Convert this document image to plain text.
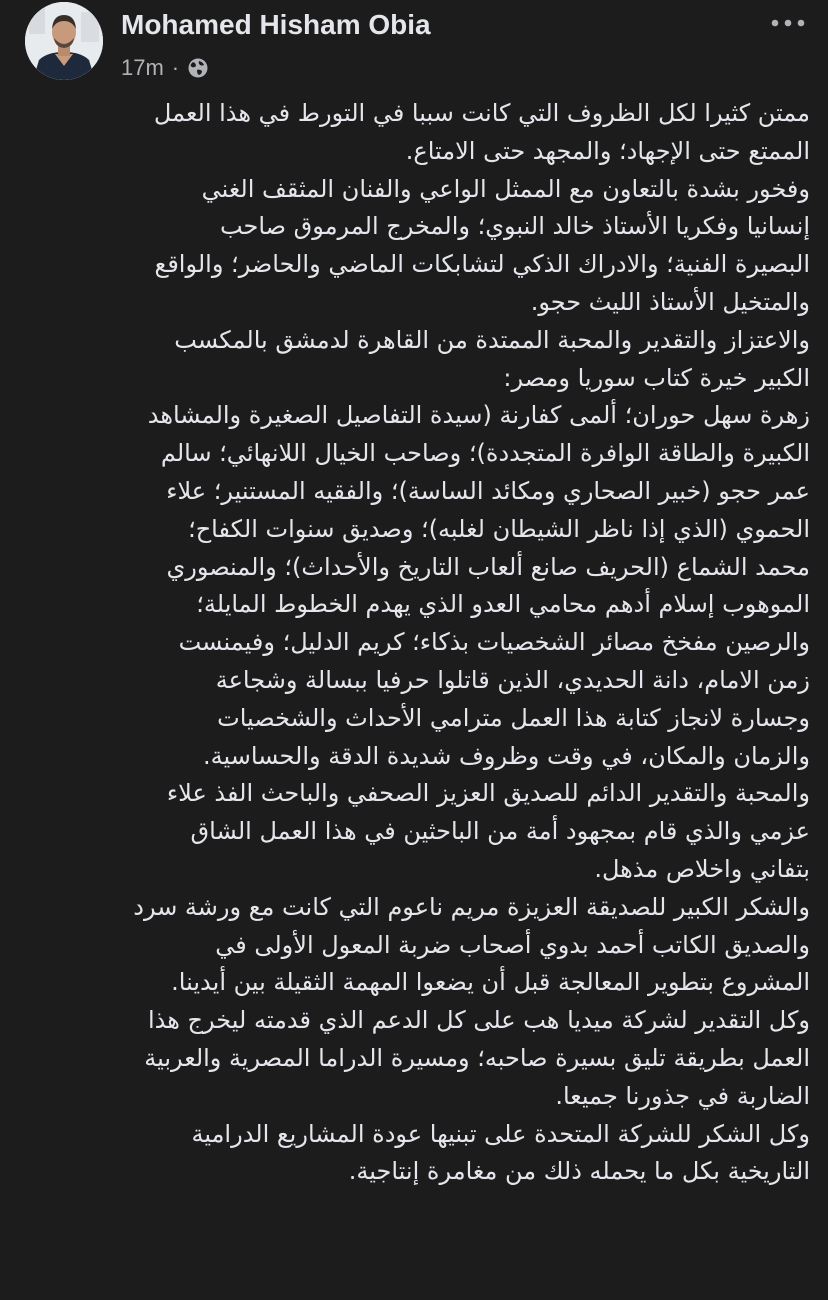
Mohamed Hisham Obia
17m ·
ممتن كثيرا لكل الظروف التي كانت سببا في التورط في هذا العمل
الممتع حتى الإجهاد؛ والمجهد حتى الامتاع.
وفخور بشدة بالتعاون مع الممثل الواعي والفنان المثقف الغني
إنسانيا وفكريا الأستاذ خالد النبوي؛ والمخرج المرموق صاحب
البصيرة الفنية؛ والادراك الذكي لتشابكات الماضي والحاضر؛ والواقع
والمتخيل الأستاذ الليث حجو.
والاعتزاز والتقدير والمحبة الممتدة من القاهرة لدمشق بالمكسب
الكبير خيرة كتاب سوريا ومصر:
زهرة سهل حوران؛ ألمى كفارنة (سيدة التفاصيل الصغيرة والمشاهد
الكبيرة والطاقة الوافرة المتجددة)؛ وصاحب الخيال اللانهائي؛ سالم
عمر حجو (خبير الصحاري ومكائد الساسة)؛ والفقيه المستنير؛ علاء
الحموي (الذي إذا ناظر الشيطان لغلبه)؛ وصديق سنوات الكفاح؛
محمد الشماع (الحريف صانع ألعاب التاريخ والأحداث)؛ والمنصوري
الموهوب إسلام أدهم محامي العدو الذي يهدم الخطوط المايلة؛
والرصين مفخخ مصائر الشخصيات بذكاء؛ كريم الدليل؛ وفيمنست
زمن الامام، دانة الحديدي، الذين قاتلوا حرفيا ببسالة وشجاعة
وجسارة لانجاز كتابة هذا العمل مترامي الأحداث والشخصيات
والزمان والمكان، في وقت وظروف شديدة الدقة والحساسية.
والمحبة والتقدير الدائم للصديق العزيز الصحفي والباحث الفذ علاء
عزمي والذي قام بمجهود أمة من الباحثين في هذا العمل الشاق
بتفاني واخلاص مذهل.
والشكر الكبير للصديقة العزيزة مريم ناعوم التي كانت مع ورشة سرد
والصديق الكاتب أحمد بدوي أصحاب ضربة المعول الأولى في
المشروع بتطوير المعالجة قبل أن يضعوا المهمة الثقيلة بين أيدينا.
وكل التقدير لشركة ميديا هب على كل الدعم الذي قدمته ليخرج هذا
العمل بطريقة تليق بسيرة صاحبه؛ ومسيرة الدراما المصرية والعربية
الضاربة في جذورنا جميعا.
وكل الشكر للشركة المتحدة على تبنيها عودة المشاريع الدرامية
التاريخية بكل ما يحمله ذلك من مغامرة إنتاجية.
